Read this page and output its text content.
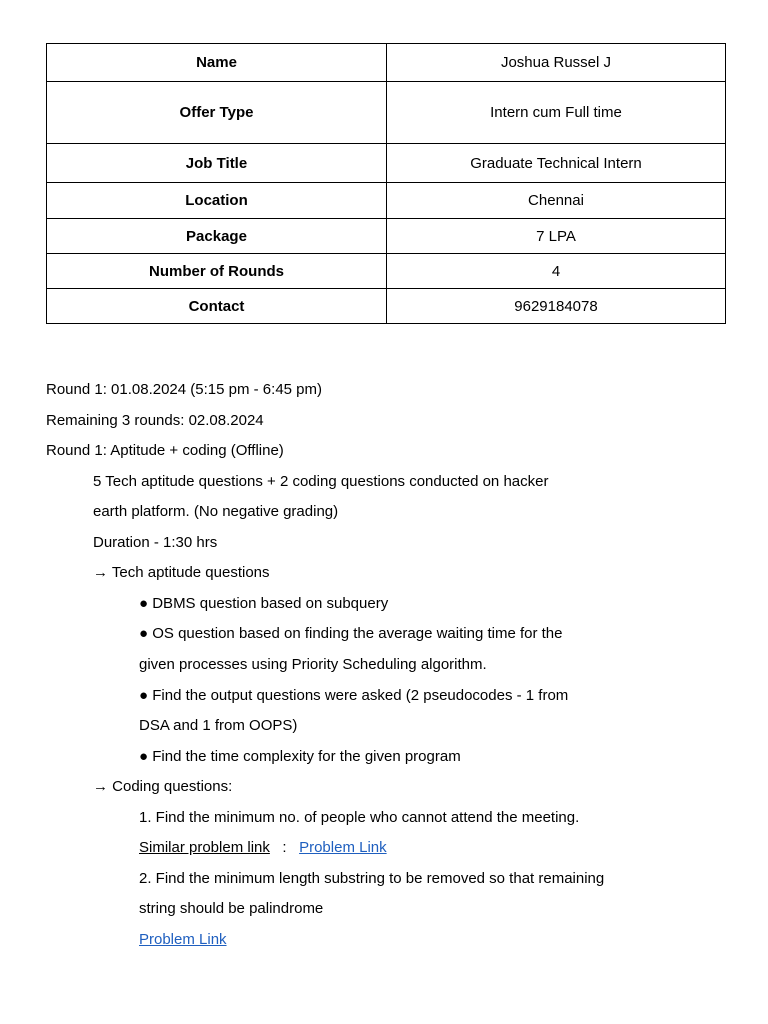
Name	Joshua Russel J
Offer Type	Intern cum Full time
Job Title	Graduate Technical Intern
Location	Chennai
Package	7 LPA
Number of Rounds	4
Contact	9629184078
Round 1: 01.08.2024 (5:15 pm - 6:45 pm)
Remaining 3 rounds: 02.08.2024
Round 1: Aptitude + coding (Offline)
5 Tech aptitude questions + 2 coding questions conducted on hacker
earth platform. (No negative grading)
Duration - 1:30 hrs
→ Tech aptitude questions
● DBMS question based on subquery
● OS question based on finding the average waiting time for the
given processes using Priority Scheduling algorithm.
● Find the output questions were asked (2 pseudocodes - 1 from
DSA and 1 from OOPS)
● Find the time complexity for the given program
→ Coding questions:
1. Find the minimum no. of people who cannot attend the meeting.
Similar problem link : Problem Link
2. Find the minimum length substring to be removed so that remaining
string should be palindrome
Problem Link
